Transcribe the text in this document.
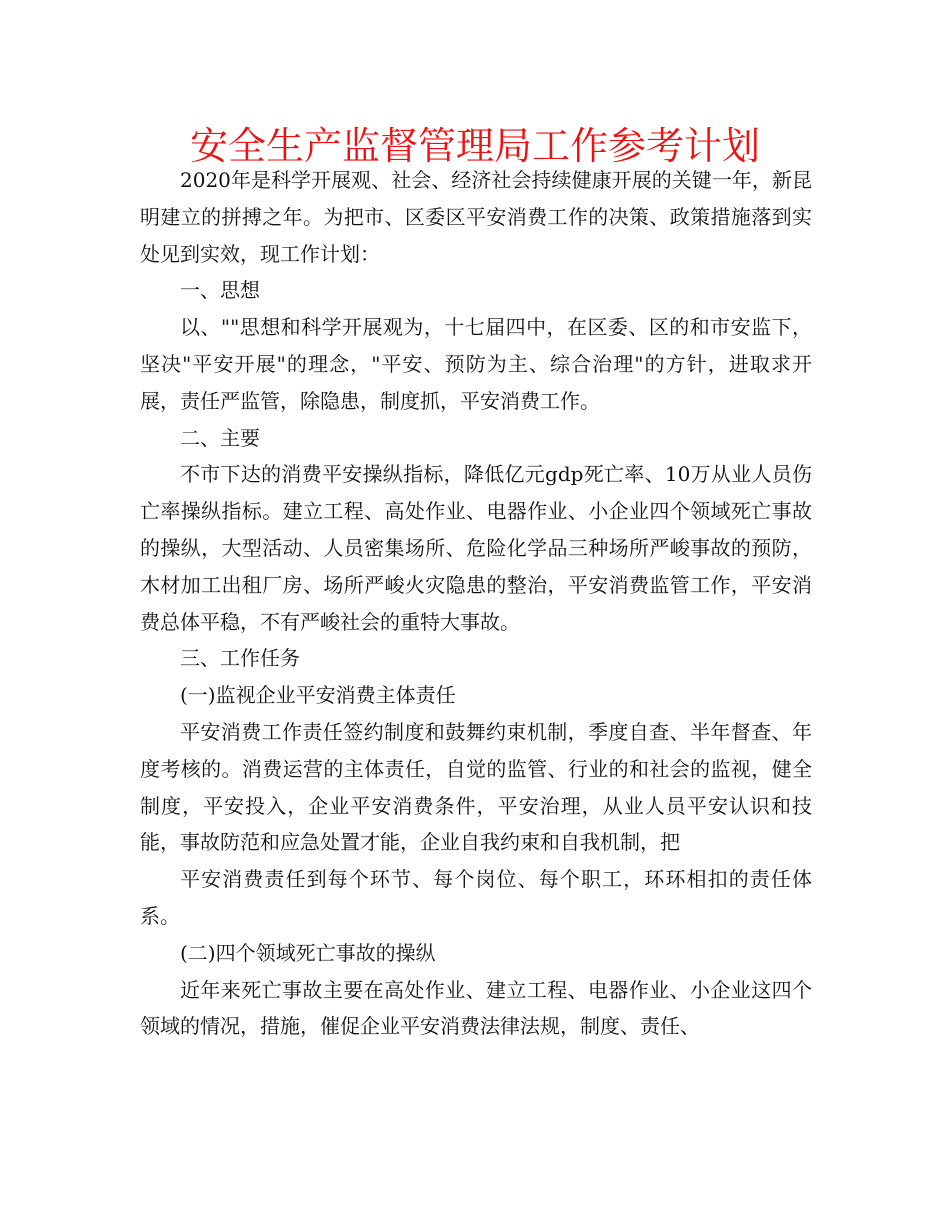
安全生产监督管理局工作参考计划

2020年是科学开展观、社会、经济社会持续健康开展的关键一年，新昆明建立的拼搏之年。为把市、区委区平安消费工作的决策、政策措施落到实处见到实效，现工作计划：

一、思想

以、""思想和科学开展观为，十七届四中，在区委、区的和市安监下，坚决"平安开展"的理念，"平安、预防为主、综合治理"的方针，进取求开展，责任严监管，除隐患，制度抓，平安消费工作。

二、主要

不市下达的消费平安操纵指标，降低亿元gdp死亡率、10万从业人员伤亡率操纵指标。建立工程、高处作业、电器作业、小企业四个领域死亡事故的操纵，大型活动、人员密集场所、危险化学品三种场所严峻事故的预防，木材加工出租厂房、场所严峻火灾隐患的整治，平安消费监管工作，平安消费总体平稳，不有严峻社会的重特大事故。

三、工作任务

(一)监视企业平安消费主体责任

平安消费工作责任签约制度和鼓舞约束机制，季度自查、半年督查、年度考核的。消费运营的主体责任，自觉的监管、行业的和社会的监视，健全制度，平安投入，企业平安消费条件，平安治理，从业人员平安认识和技能，事故防范和应急处置才能，企业自我约束和自我机制，把

平安消费责任到每个环节、每个岗位、每个职工，环环相扣的责任体系。

(二)四个领域死亡事故的操纵

近年来死亡事故主要在高处作业、建立工程、电器作业、小企业这四个领域的情况，措施，催促企业平安消费法律法规，制度、责任、
